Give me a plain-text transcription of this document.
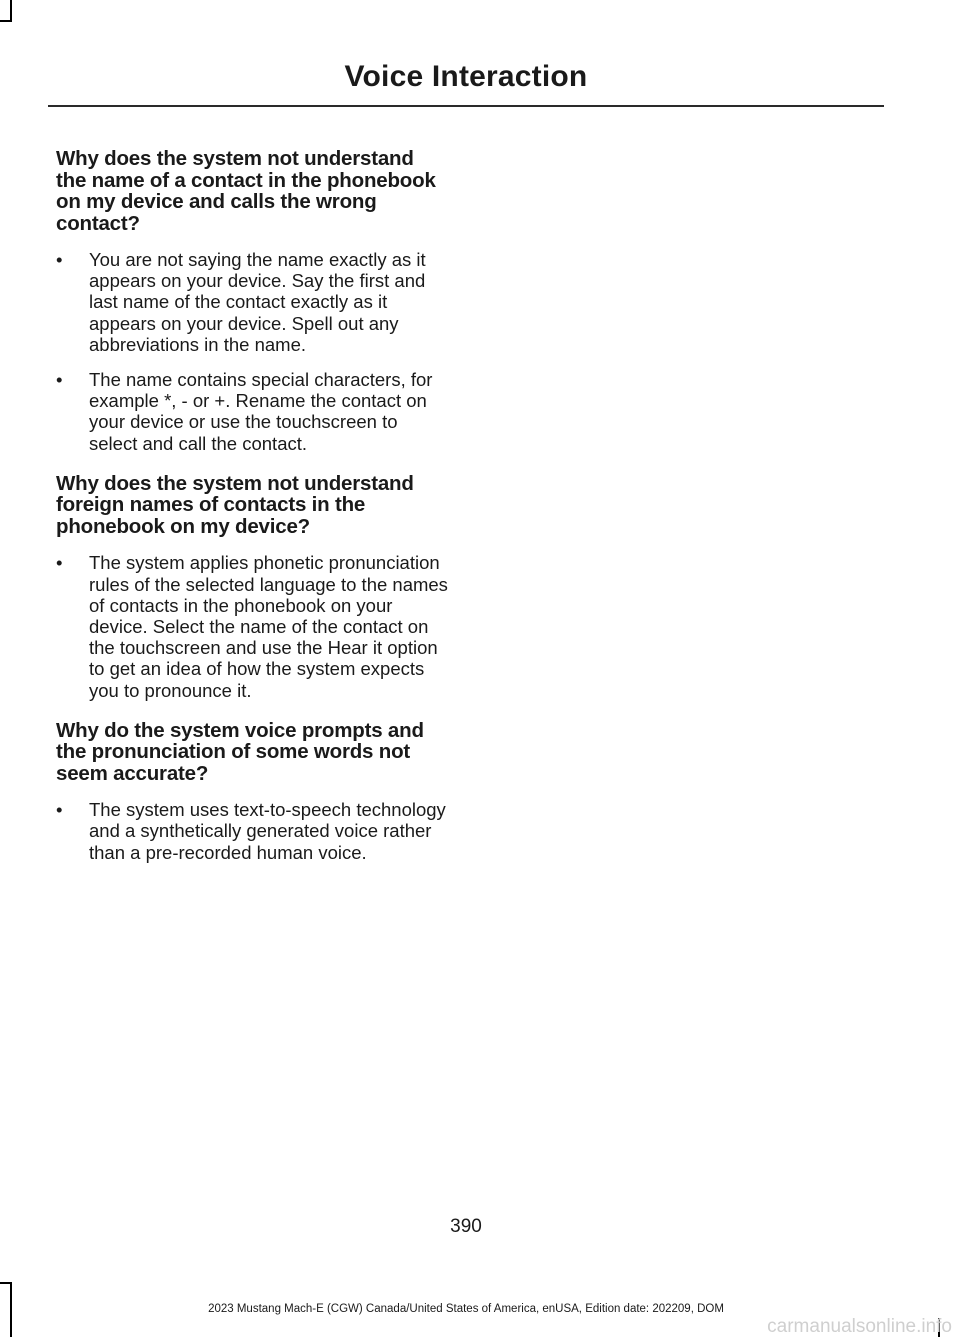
Voice Interaction
Why does the system not understand the name of a contact in the phonebook on my device and calls the wrong contact?
•	You are not saying the name exactly as it appears on your device. Say the first and last name of the contact exactly as it appears on your device. Spell out any abbreviations in the name.
•	The name contains special characters, for example *, - or +. Rename the contact on your device or use the touchscreen to select and call the contact.
Why does the system not understand foreign names of contacts in the phonebook on my device?
•	The system applies phonetic pronunciation rules of the selected language to the names of contacts in the phonebook on your device. Select the name of the contact on the touchscreen and use the Hear it option to get an idea of how the system expects you to pronounce it.
Why do the system voice prompts and the pronunciation of some words not seem accurate?
•	The system uses text-to-speech technology and a synthetically generated voice rather than a pre-recorded human voice.

390

2023 Mustang Mach-E (CGW) Canada/United States of America, enUSA, Edition date: 202209, DOM

carmanualsonline.info
